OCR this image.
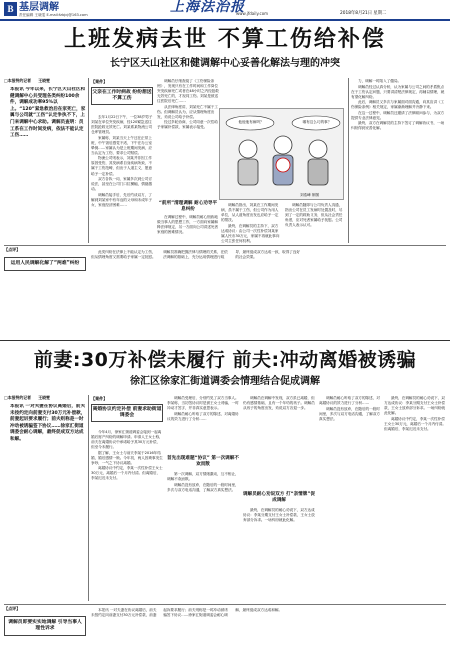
B 基层调解
责任编辑 王晓雯 E-mail:fzbjcj@163.com	上海法治报
www.jfdaily.com	2018年8月21日 星期二
上班发病去世 不算工伤给补偿
长宁区天山社区和健调解中心妥善化解法与理的冲突
□本报特约记者 王晓雯
本报讯 今年以来，长宁区天山社区和健调解中心共受理各类纠纷100余件，调解成功率95%以上。“120”紧急救治后在家死亡，家属与公司就“工伤”认定争执不下，上门来调解中心求助。调解员查明：员工系在工作时间发病，依法不能认定工伤……
【案件】
父亲在工作时病故 纷纷想送不算工伤

去年1月22日下午，一位38岁男子刘某在单位突发疾病，经120紧急送往医院抢救无效死亡。刘某系某物流公司仓库管理员。

家属称，刘某当天上午还在正常上班，中午饭后感觉不适，下午在办公室晕倒……家属认为是上班期间发病，应当认定为工伤，要求公司赔偿。

物流公司则表示，刘某并非因工作原因受伤，其发病系自身疾病所致，不属于工伤范畴，但出于人道主义，愿意给予一定补偿。

双方各执一词，家属多次到公司讨说法，甚至在公司门口拉横幅，情绪激动。

调解员接手后，先后约谈双方，了解到刘某家中有年迈的父母和未成年子女，家庭经济困难……

调解员仔细查阅了《工伤保险条例》，发现只有在工作时间和工作岗位突发疾病死亡或者在48小时之内经抢救无效死亡的，才视同工伤。刘某是被送往医院后死亡……

从法律角度讲，刘某死亡不属于工伤。但调解员认为，应从情理角度出发，劝说公司给予补偿。

经过多轮协商，公司同意一次性给予家属补偿款，家属表示接受。

“前所”清理调解 耐心劝导平息纠纷

在调解过程中，调解员耐心细致地做当事人的思想工作，一方面向家属解释法律规定，另一方面向公司讲述死者家庭的困难情况。

他他他有病吗？	哪有这么巧的事？
刘浩峰 制图

调解员指出，刘某在工作期间发病，虽不属于工伤，但公司作为用人单位，从人道角度出发也应给予一定的帮扶。

最终，在调解员的主持下，双方达成协议：由公司一次性补偿刘某家属人民币30万元，家属不再就此事向公司主张任何权利。

调解员随即与公司负责人沟通，指出公司在员工发病时处置及时，尽到了一定的救助义务，但从社会责任角度，应对死者家属给予抚慰。公司负责人表示认可。

力，调解一时陷入了僵局。

调解员经过认真分析，认为家属与公司之间的矛盾焦点在于工伤认定问题，只要讲清楚法律规定，再辅以情理，就有望化解纠纷。

此后，调解员又多次与家属面对面沟通，向其宣讲《工伤保险条例》相关规定，家属渐渐理解并冷静下来。

在这一过程中，调解员还邀请了法律顾问参与，为双方提供专业法律意见。

最终，双方在调解员的主持下签订了调解协议书，一场纠纷得到妥善化解。

【点评】
运用人民调解化解了“两难”纠纷

此类纠纷在法律上不能认定为工伤，但从情理角度又需要给予家属一定抚慰。调解员准确把握法律与情理的关系，在依法调解的基础上，充分运用情理进行疏导，最终促成双方达成一致，取得了良好的社会效果。

前妻:30万补偿未履行 前夫:冲动离婚被诱骗
徐汇区徐家汇街道调委会情理结合促成调解
□本报特约记者 王晓雯
本报讯 一对夫妻在协议离婚后，前夫未按约定向前妻支付30万元补偿款，前妻起诉要求履行；前夫则称是一时冲动被诱骗签下协议……徐家汇街道调委会耐心调解，最终促成双方达成和解。
【案件】
离婚协议约定补偿 前妻求助街道调委会

今年4月，徐家汇街道调委会接到一起离婚后财产纠纷的调解申请。申请人王女士称，前夫在离婚协议中承诺给予其30万元补偿，但至今未履行。

据了解，王女士与前夫李某于2016年结婚，婚后感情一般。今年初，两人因琐事发生争吵，一气之下协议离婚。

离婚协议中约定，李某一次性补偿王女士30万元，离婚后一个月内付清。但离婚后，李某迟迟未支付。

调解员受理后，分别约见了双方当事人。李某称，当初签协议时是被王女士诱骗，一时冲动才签字，并非真实意思表示。

调解员耐心听取了双方的陈述，对离婚协议的效力进行了分析……

首先出现难题“协议” 第一次调解不欢而散

第一次调解，双方情绪激动，互不相让，调解不欢而散。

调解员没有放弃，在随后的一段时间里，多次与双方电话沟通，了解双方真实想法。

调解员在调解中发现，双方虽已离婚，但仍有感情基础，且有一个年幼的孩子。调解员从孩子的角度出发，劝说双方各退一步。

调解员耐心劝说双方 打“亲情牌”促成调解

最终，在调解员的耐心劝说下，双方达成协议：李某分期支付王女士补偿款，王女士放弃部分诉求。一场纠纷就此化解。

调解员耐心听取了双方的陈述，对离婚协议的效力进行了分析……

调解员没有放弃，在随后的一段时间里，多次与双方电话沟通，了解双方真实想法。

最终，在调解员的耐心劝说下，双方达成协议：李某分期支付王女士补偿款，王女士放弃部分诉求。一场纠纷就此化解。

离婚协议中约定，李某一次性补偿王女士30万元，离婚后一个月内付清。但离婚后，李某迟迟未支付。

【点评】
调解员即要实实地调解 引导当事人理性诉求

本报讯 一对夫妻在协议离婚后，前夫未按约定向前妻支付30万元补偿款，前妻起诉要求履行；前夫则称是一时冲动被诱骗签下协议……徐家汇街道调委会耐心调解，最终促成双方达成和解。
